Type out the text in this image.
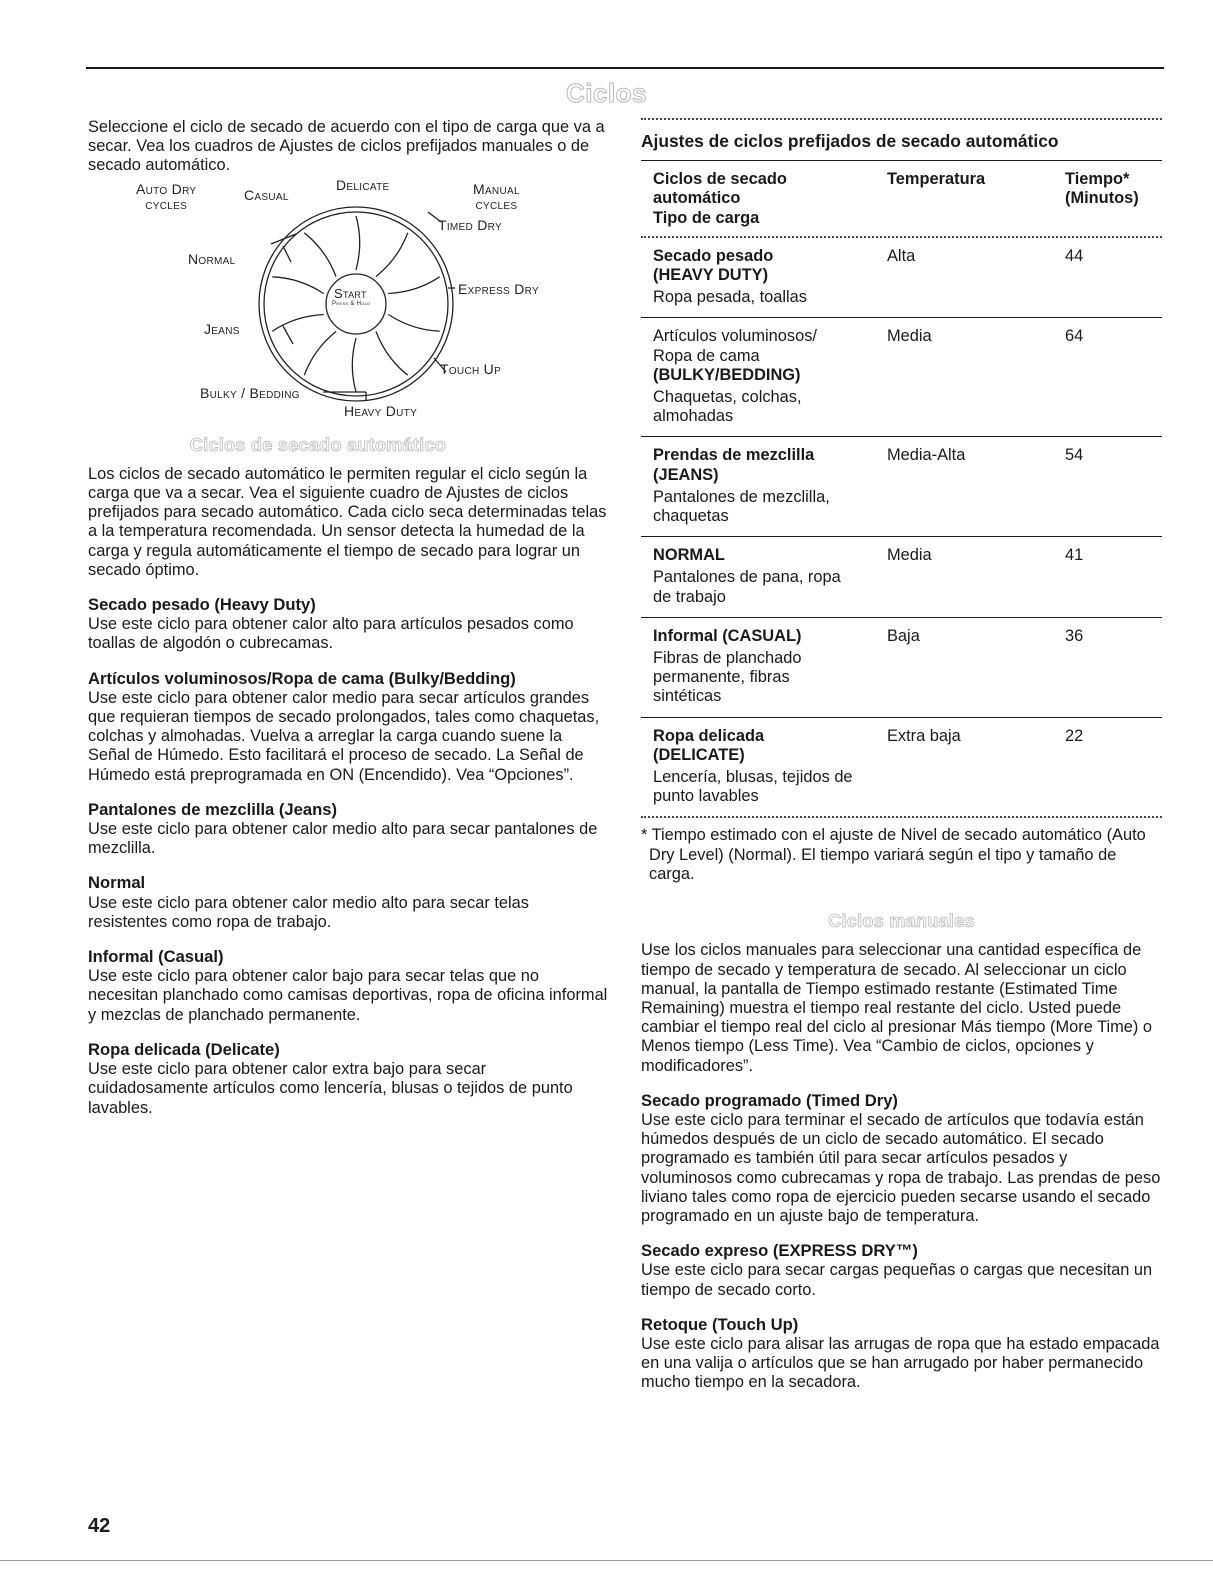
Ciclos

Seleccione el ciclo de secado de acuerdo con el tipo de carga que va a secar. Vea los cuadros de Ajustes de ciclos prefijados manuales o de secado automático.

Auto Dry
cycles
Casual
Delicate	Manual
cycles
Timed Dry
Normal
Start
Press & Hold
Express Dry
Jeans
Touch Up
Bulky / Bedding
Heavy Duty
Ciclos de secado automático

Los ciclos de secado automático le permiten regular el ciclo según la carga que va a secar. Vea el siguiente cuadro de Ajustes de ciclos prefijados para secado automático. Cada ciclo seca determinadas telas a la temperatura recomendada. Un sensor detecta la humedad de la carga y regula automáticamente el tiempo de secado para lograr un secado óptimo.

Secado pesado (Heavy Duty)

Use este ciclo para obtener calor alto para artículos pesados como toallas de algodón o cubrecamas.

Artículos voluminosos/Ropa de cama (Bulky/Bedding)

Use este ciclo para obtener calor medio para secar artículos grandes que requieran tiempos de secado prolongados, tales como chaquetas, colchas y almohadas. Vuelva a arreglar la carga cuando suene la Señal de Húmedo. Esto facilitará el proceso de secado. La Señal de Húmedo está preprogramada en ON (Encendido). Vea “Opciones”.

Pantalones de mezclilla (Jeans)

Use este ciclo para obtener calor medio alto para secar pantalones de mezclilla.

Normal

Use este ciclo para obtener calor medio alto para secar telas resistentes como ropa de trabajo.

Informal (Casual)

Use este ciclo para obtener calor bajo para secar telas que no necesitan planchado como camisas deportivas, ropa de oficina informal y mezclas de planchado permanente.

Ropa delicada (Delicate)

Use este ciclo para obtener calor extra bajo para secar cuidadosamente artículos como lencería, blusas o tejidos de punto lavables.

Ajustes de ciclos prefijados de secado automático
Ciclos de secado
automático
Tipo de carga
Temperatura	Tiempo*
(Minutos)
Secado pesado (HEAVY DUTY)
Ropa pesada, toallas
Alta	44
Artículos voluminosos/ Ropa de cama
(BULKY/BEDDING)
Chaquetas, colchas, almohadas
Media	64
Prendas de mezclilla (JEANS)
Pantalones de mezclilla, chaquetas
Media-Alta	54
NORMAL
Pantalones de pana, ropa de trabajo
Media	41
Informal (CASUAL)
Fibras de planchado permanente, fibras sintéticas
Baja	36
Ropa delicada (DELICATE)
Lencería, blusas, tejidos de punto lavables
Extra baja	22

* Tiempo estimado con el ajuste de Nivel de secado automático (Auto Dry Level) (Normal). El tiempo variará según el tipo y tamaño de carga.

Ciclos manuales

Use los ciclos manuales para seleccionar una cantidad específica de tiempo de secado y temperatura de secado. Al seleccionar un ciclo manual, la pantalla de Tiempo estimado restante (Estimated Time Remaining) muestra el tiempo real restante del ciclo. Usted puede cambiar el tiempo real del ciclo al presionar Más tiempo (More Time) o Menos tiempo (Less Time). Vea “Cambio de ciclos, opciones y modificadores”.

Secado programado (Timed Dry)

Use este ciclo para terminar el secado de artículos que todavía están húmedos después de un ciclo de secado automático. El secado programado es también útil para secar artículos pesados y voluminosos como cubrecamas y ropa de trabajo. Las prendas de peso liviano tales como ropa de ejercicio pueden secarse usando el secado programado en un ajuste bajo de temperatura.

Secado expreso (EXPRESS DRY™)

Use este ciclo para secar cargas pequeñas o cargas que necesitan un tiempo de secado corto.

Retoque (Touch Up)

Use este ciclo para alisar las arrugas de ropa que ha estado empacada en una valija o artículos que se han arrugado por haber permanecido mucho tiempo en la secadora.

42
